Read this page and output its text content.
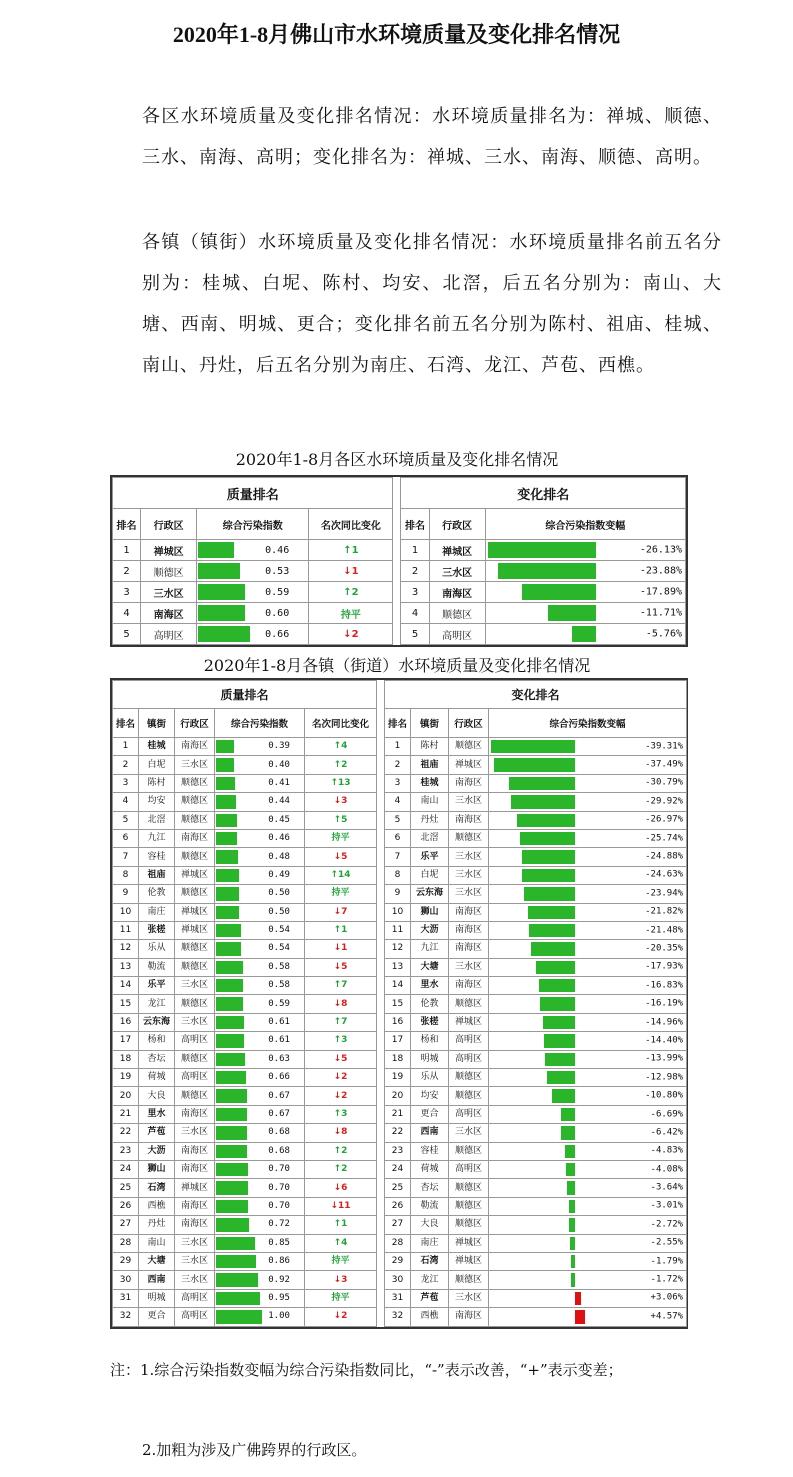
2020年1-8月佛山市水环境质量及变化排名情况

各区水环境质量及变化排名情况：水环境质量排名为：禅城、顺德、三水、南海、高明；变化排名为：禅城、三水、南海、顺德、高明。

各镇（镇街）水环境质量及变化排名情况：水环境质量排名前五名分别为：桂城、白坭、陈村、均安、北滘，后五名分别为：南山、大塘、西南、明城、更合；变化排名前五名分别为陈村、祖庙、桂城、南山、丹灶，后五名分别为南庄、石湾、龙江、芦苞、西樵。

2020年1-8月各区水环境质量及变化排名情况

质量排名					变化排名		
排名	行政区	综合污染指数	名次同比变化		排名	行政区	综合污染指数变幅
1	禅城区	0.46	↑1		1	禅城区	-26.13%

2	顺德区	0.53	↓1		2	三水区	-23.88%

3	三水区	0.59	↑2		3	南海区	-17.89%

4	南海区	0.60	持平		4	顺德区	-11.71%

5	高明区	0.66	↓2		5	高明区	-5.76%

2020年1-8月各镇（街道）水环境质量及变化排名情况

质量排名						变化排名			
排名	镇街	行政区	综合污染指数	名次同比变化		排名	镇街	行政区	综合污染指数变幅
1	桂城	南海区	0.39	↑4		1	陈村	顺德区	-39.31%

2	白坭	三水区	0.40	↑2		2	祖庙	禅城区	-37.49%

3	陈村	顺德区	0.41	↑13		3	桂城	南海区	-30.79%

4	均安	顺德区	0.44	↓3		4	南山	三水区	-29.92%

5	北滘	顺德区	0.45	↑5		5	丹灶	南海区	-26.97%

6	九江	南海区	0.46	持平		6	北滘	顺德区	-25.74%

7	容桂	顺德区	0.48	↓5		7	乐平	三水区	-24.88%

8	祖庙	禅城区	0.49	↑14		8	白坭	三水区	-24.63%

9	伦教	顺德区	0.50	持平		9	云东海	三水区	-23.94%

10	南庄	禅城区	0.50	↓7		10	狮山	南海区	-21.82%

11	张槎	禅城区	0.54	↑1		11	大沥	南海区	-21.48%

12	乐从	顺德区	0.54	↓1		12	九江	南海区	-20.35%

13	勒流	顺德区	0.58	↓5		13	大塘	三水区	-17.93%

14	乐平	三水区	0.58	↑7		14	里水	南海区	-16.83%

15	龙江	顺德区	0.59	↓8		15	伦教	顺德区	-16.19%

16	云东海	三水区	0.61	↑7		16	张槎	禅城区	-14.96%

17	杨和	高明区	0.61	↑3		17	杨和	高明区	-14.40%

18	杏坛	顺德区	0.63	↓5		18	明城	高明区	-13.99%

19	荷城	高明区	0.66	↓2		19	乐从	顺德区	-12.98%

20	大良	顺德区	0.67	↓2		20	均安	顺德区	-10.80%

21	里水	南海区	0.67	↑3		21	更合	高明区	-6.69%

22	芦苞	三水区	0.68	↓8		22	西南	三水区	-6.42%

23	大沥	南海区	0.68	↑2		23	容桂	顺德区	-4.83%

24	狮山	南海区	0.70	↑2		24	荷城	高明区	-4.08%

25	石湾	禅城区	0.70	↓6		25	杏坛	顺德区	-3.64%

26	西樵	南海区	0.70	↓11		26	勒流	顺德区	-3.01%

27	丹灶	南海区	0.72	↑1		27	大良	顺德区	-2.72%

28	南山	三水区	0.85	↑4		28	南庄	禅城区	-2.55%

29	大塘	三水区	0.86	持平		29	石湾	禅城区	-1.79%

30	西南	三水区	0.92	↓3		30	龙江	顺德区	-1.72%

31	明城	高明区	0.95	持平		31	芦苞	三水区	+3.06%

32	更合	高明区	1.00	↓2		32	西樵	南海区	+4.57%

注：1.综合污染指数变幅为综合污染指数同比，“-”表示改善，“+”表示变差；

2.加粗为涉及广佛跨界的行政区。
